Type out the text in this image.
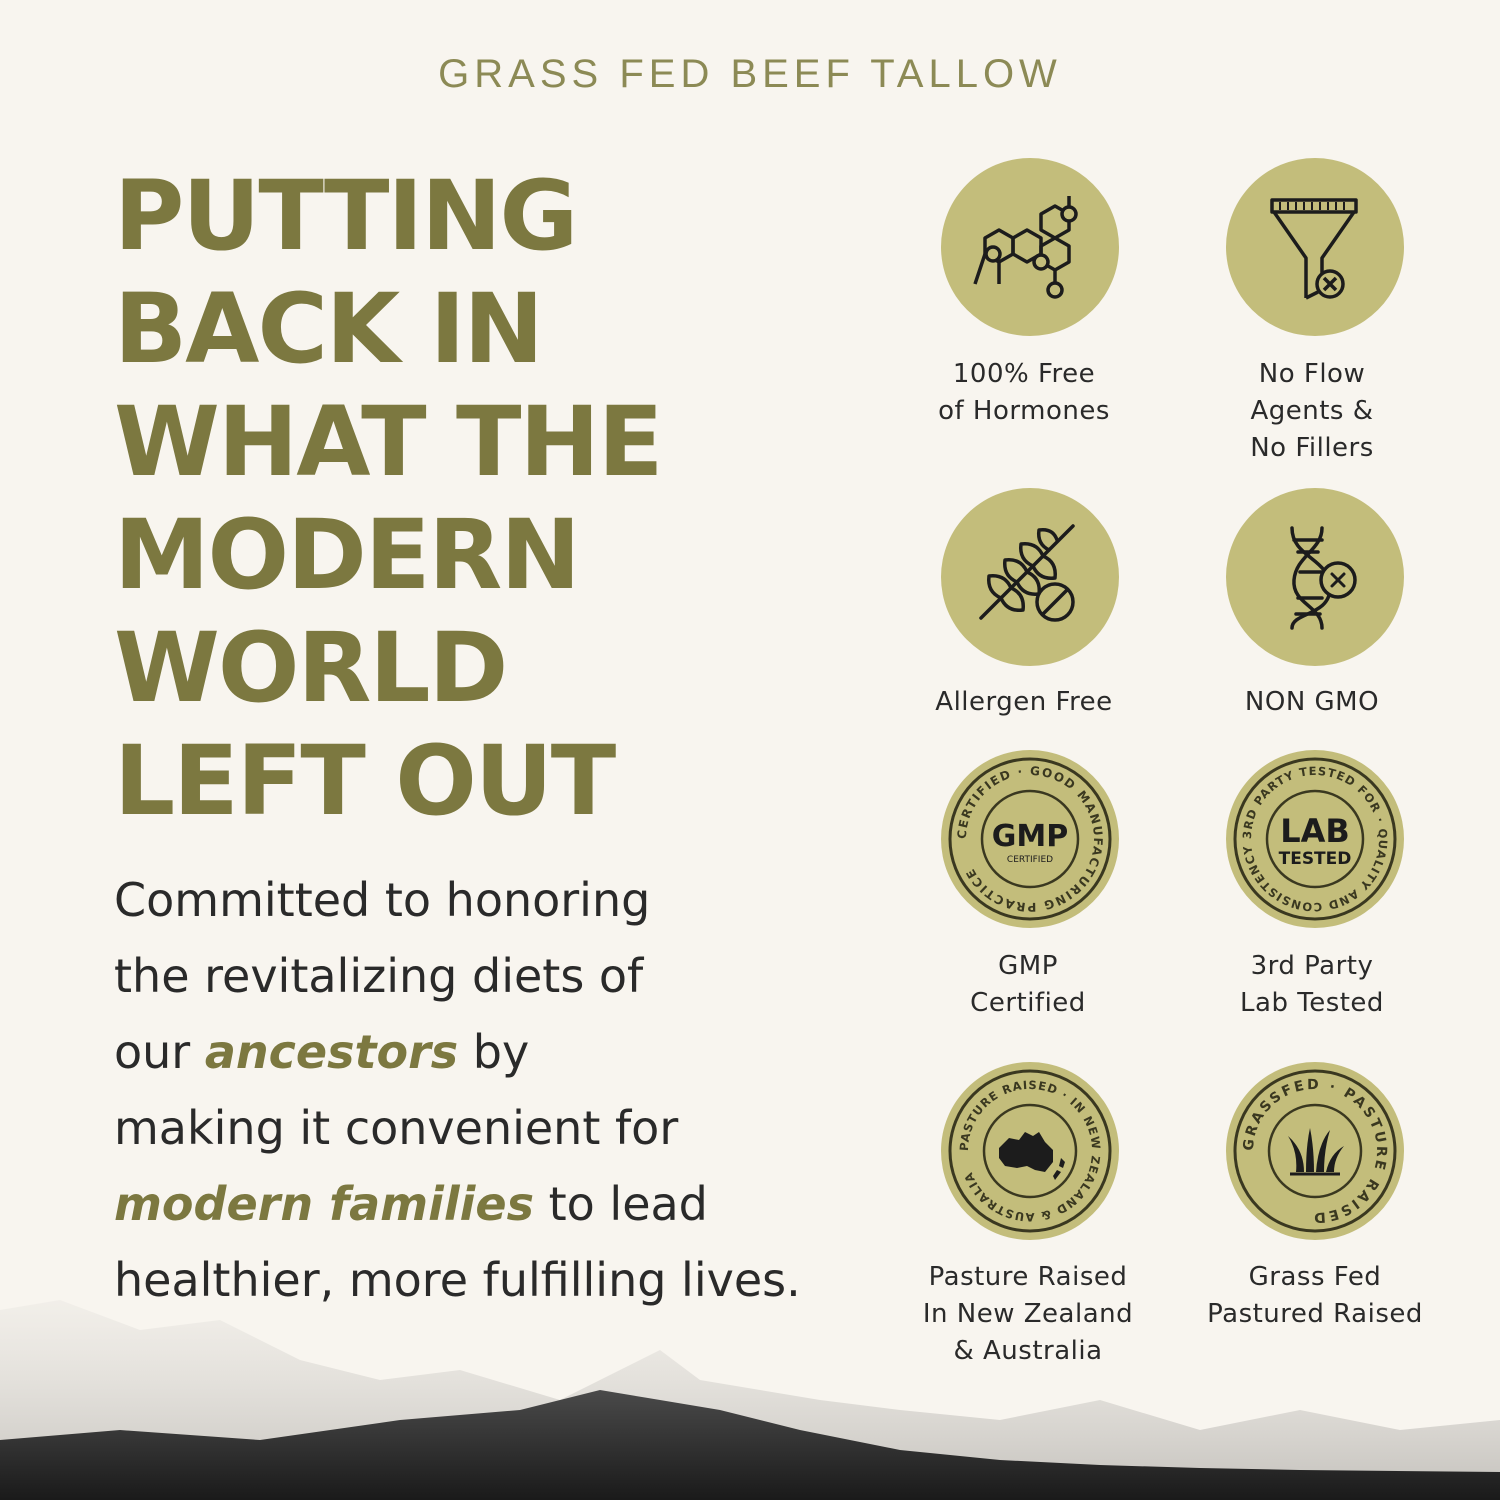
GRASS FED BEEF TALLOW
PUTTING
BACK IN
WHAT THE
MODERN
WORLD
LEFT OUT

Committed to honoring
the revitalizing diets of
our ancestors by
making it convenient for
modern families to lead
healthier, more fulfilling lives.

100% Free
of Hormones
No Flow
Agents &
No Fillers
Allergen Free	NON GMO
CERTIFIED · GOOD MANUFACTURING PRACTICE
GMP
CERTIFIED
GMP
Certified
3RD PARTY TESTED FOR · QUALITY AND CONSISTENCY LAB
TESTED
3rd Party
Lab Tested
PASTURE RAISED · IN NEW ZEALAND & AUSTRALIA
Pasture Raised
In New Zealand
& Australia
GRASSFED · PASTURE RAISED
Grass Fed
Pastured Raised
